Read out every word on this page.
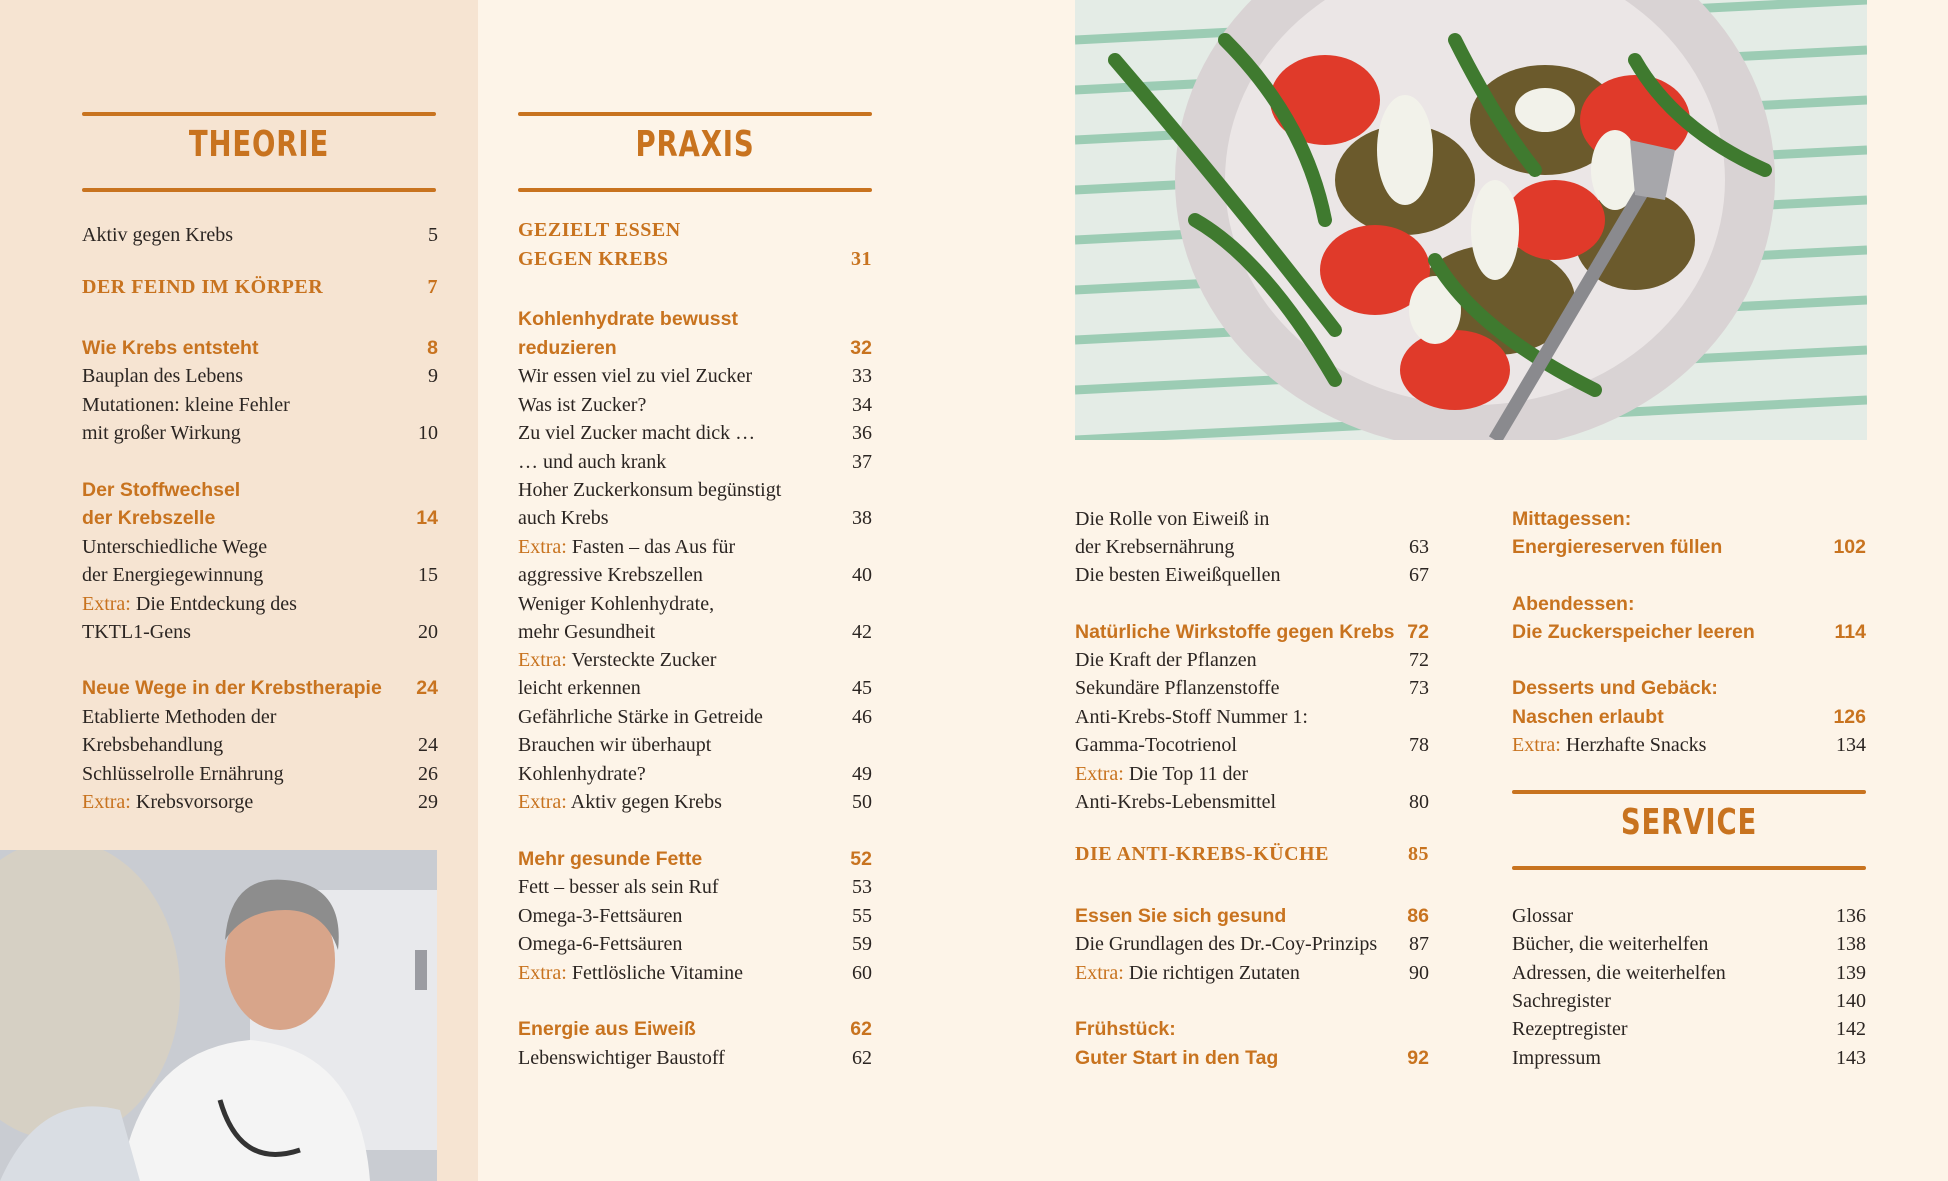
THEORIE	PRAXIS
SERVICE
Aktiv gegen Krebs	5
DER FEIND IM KÖRPER	7
Wie Krebs entsteht	8
Bauplan des Lebens	9
Mutationen: kleine Fehler
mit großer Wirkung	10
Der Stoffwechsel
der Krebszelle	14
Unterschiedliche Wege
der Energiegewinnung	15
Extra: Die Entdeckung des
TKTL1-Gens	20
Neue Wege in der Krebstherapie	24
Etablierte Methoden der
Krebsbehandlung	24
Schlüsselrolle Ernährung	26
Extra: Krebsvorsorge	29
GEZIELT ESSEN
GEGEN KREBS	31
Kohlenhydrate bewusst
reduzieren	32
Wir essen viel zu viel Zucker	33
Was ist Zucker?	34
Zu viel Zucker macht dick …	36
… und auch krank	37
Hoher Zuckerkonsum begünstigt
auch Krebs	38
Extra: Fasten – das Aus für
aggressive Krebszellen	40
Weniger Kohlenhydrate,
mehr Gesundheit	42
Extra: Versteckte Zucker
leicht erkennen	45
Gefährliche Stärke in Getreide	46
Brauchen wir überhaupt
Kohlenhydrate?	49
Extra: Aktiv gegen Krebs	50
Mehr gesunde Fette	52
Fett – besser als sein Ruf	53
Omega-3-Fettsäuren	55
Omega-6-Fettsäuren	59
Extra: Fettlösliche Vitamine	60
Energie aus Eiweiß	62
Lebenswichtiger Baustoff	62
Die Rolle von Eiweiß in
der Krebsernährung	63
Die besten Eiweißquellen	67
Natürliche Wirkstoffe gegen Krebs 72
Die Kraft der Pflanzen	72
Sekundäre Pflanzenstoffe	73
Anti-Krebs-Stoff Nummer 1:
Gamma-Tocotrienol	78
Extra: Die Top 11 der
Anti-Krebs-Lebensmittel	80
DIE ANTI-KREBS-KÜCHE	85
Essen Sie sich gesund	86
Die Grundlagen des Dr.-Coy-Prinzips	87
Extra: Die richtigen Zutaten	90
Frühstück:
Guter Start in den Tag	92
Mittagessen:
Energiereserven füllen	102
Abendessen:
Die Zuckerspeicher leeren	114
Desserts und Gebäck:
Naschen erlaubt	126
Extra: Herzhafte Snacks	134
Glossar	136
Bücher, die weiterhelfen	138
Adressen, die weiterhelfen	139
Sachregister	140
Rezeptregister	142
Impressum	143
